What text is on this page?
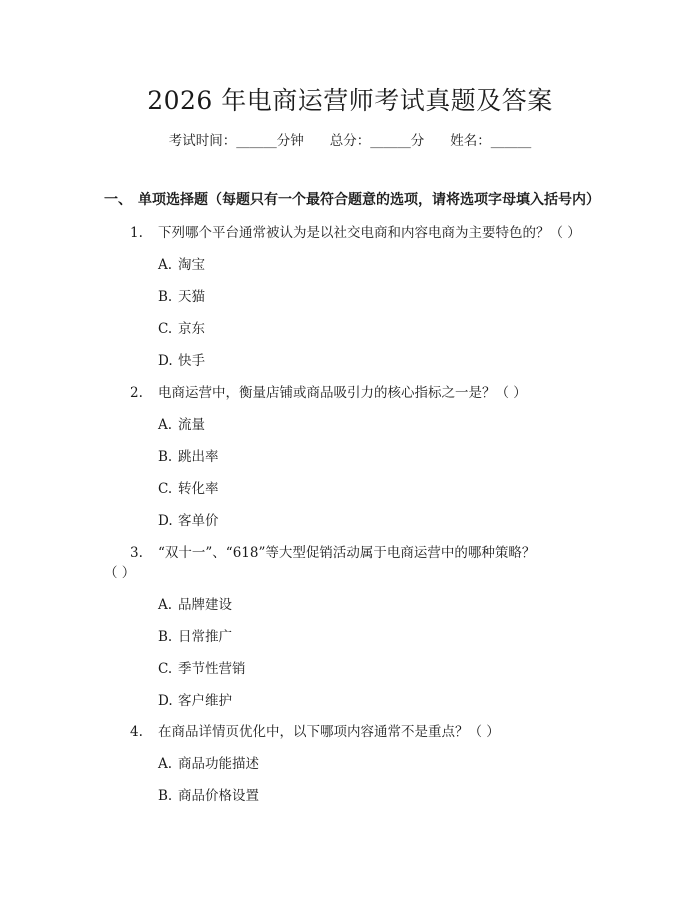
2026 年电商运营师考试真题及答案
考试时间：______分钟 总分：______分 姓名：______
一、 单项选择题（每题只有一个最符合题意的选项，请将选项字母填入括号内）
1. 下列哪个平台通常被认为是以社交电商和内容电商为主要特色的？（ ）
A. 淘宝
B. 天猫
C. 京东
D. 快手
2. 电商运营中，衡量店铺或商品吸引力的核心指标之一是？（ ）
A. 流量
B. 跳出率
C. 转化率
D. 客单价
3. “双十一”、“618”等大型促销活动属于电商运营中的哪种策略？
（ ）
A. 品牌建设
B. 日常推广
C. 季节性营销
D. 客户维护
4. 在商品详情页优化中，以下哪项内容通常不是重点？（ ）
A. 商品功能描述
B. 商品价格设置
